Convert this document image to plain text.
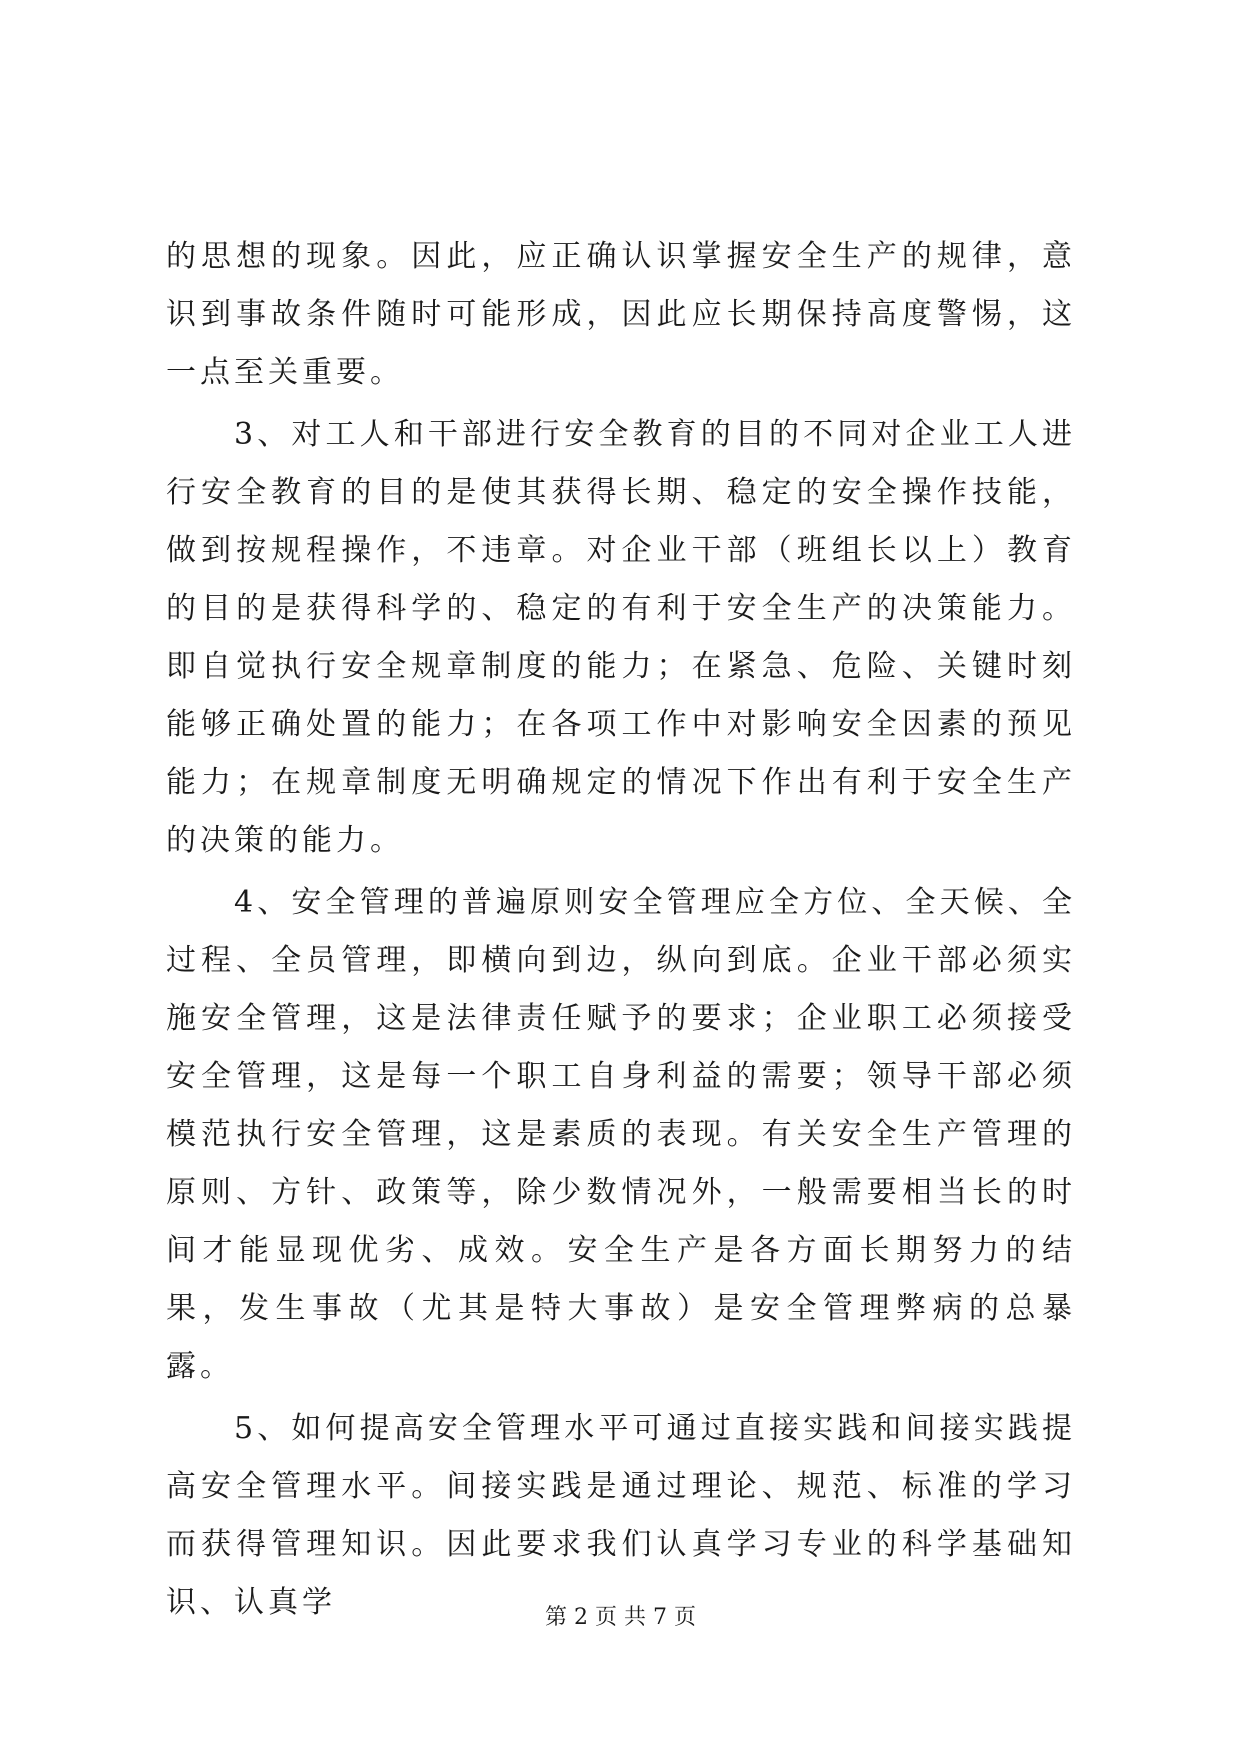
的思想的现象。因此，应正确认识掌握安全生产的规律，意识到事故条件随时可能形成，因此应长期保持高度警惕，这一点至关重要。

3、对工人和干部进行安全教育的目的不同对企业工人进行安全教育的目的是使其获得长期、稳定的安全操作技能，做到按规程操作，不违章。对企业干部（班组长以上）教育的目的是获得科学的、稳定的有利于安全生产的决策能力。即自觉执行安全规章制度的能力；在紧急、危险、关键时刻能够正确处置的能力；在各项工作中对影响安全因素的预见能力；在规章制度无明确规定的情况下作出有利于安全生产的决策的能力。

4、安全管理的普遍原则安全管理应全方位、全天候、全过程、全员管理，即横向到边，纵向到底。企业干部必须实施安全管理，这是法律责任赋予的要求；企业职工必须接受安全管理，这是每一个职工自身利益的需要；领导干部必须模范执行安全管理，这是素质的表现。有关安全生产管理的原则、方针、政策等，除少数情况外，一般需要相当长的时间才能显现优劣、成效。安全生产是各方面长期努力的结果，发生事故（尤其是特大事故）是安全管理弊病的总暴露。

5、如何提高安全管理水平可通过直接实践和间接实践提高安全管理水平。间接实践是通过理论、规范、标准的学习而获得管理知识。因此要求我们认真学习专业的科学基础知识、认真学	第 2 页 共 7 页
